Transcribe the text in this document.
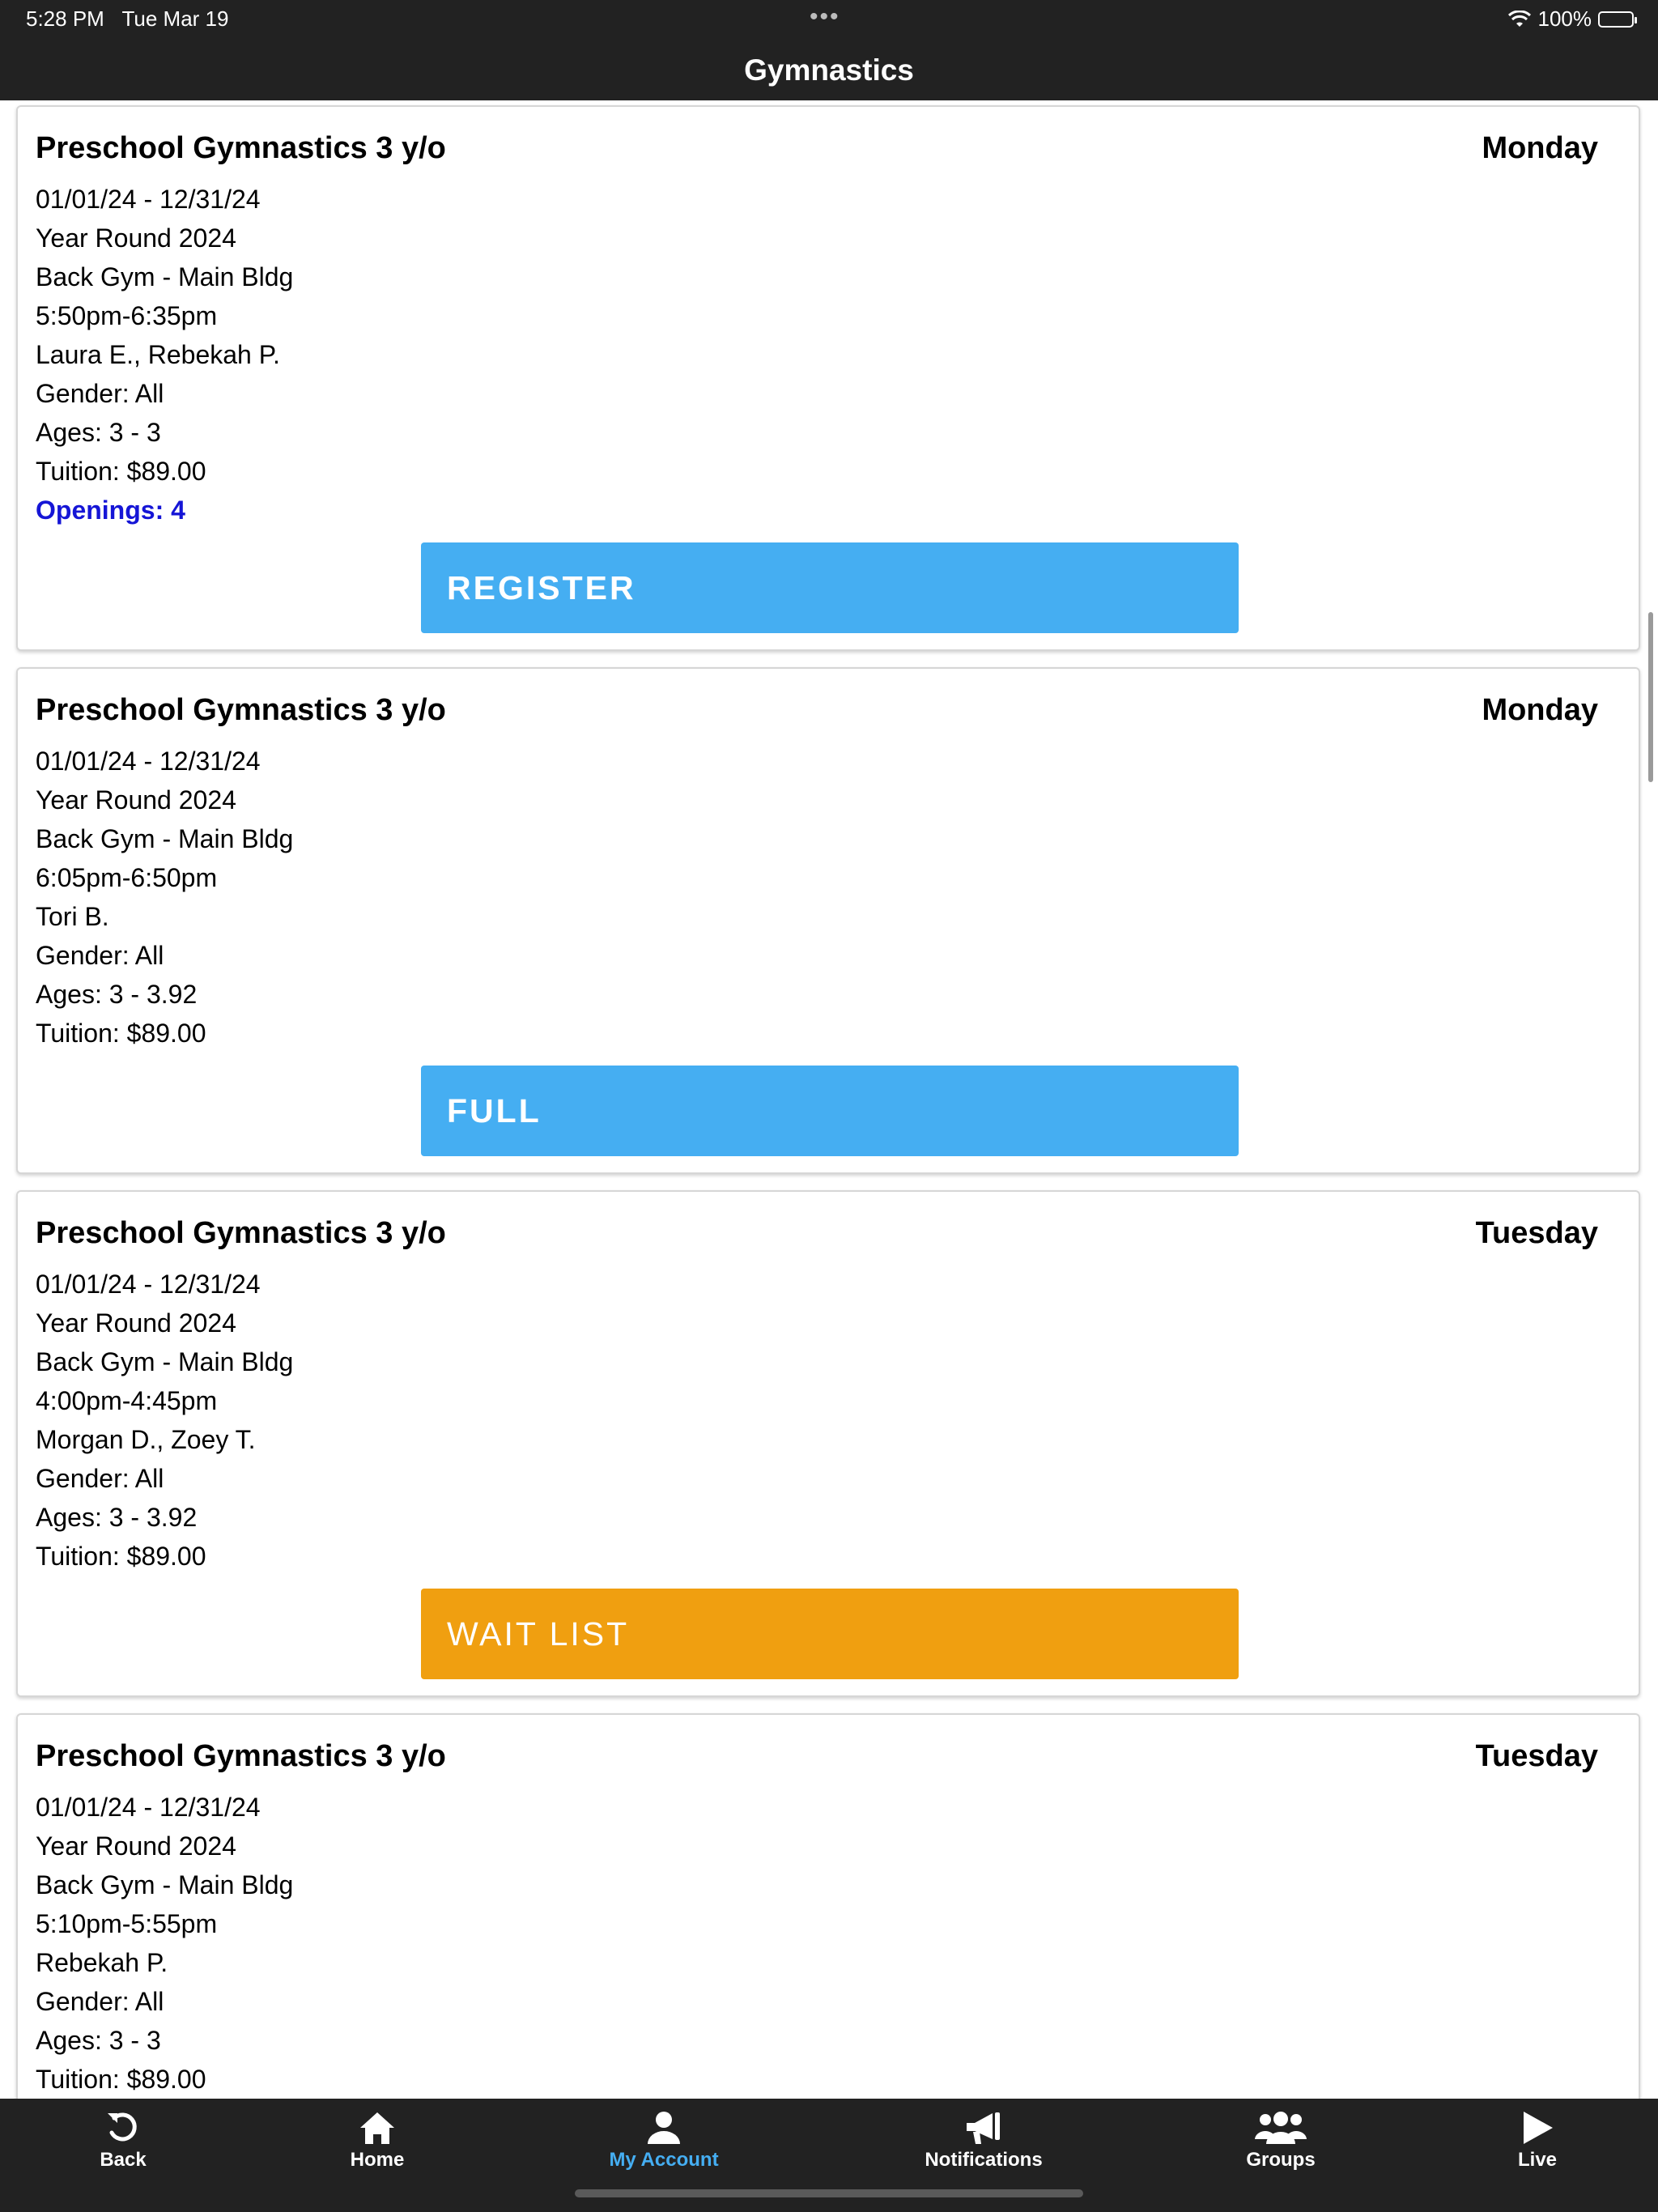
5:28 PM Tue Mar 19	•••	100%
Gymnastics
Preschool Gymnastics 3 y/o	Monday
01/01/24 - 12/31/24
Year Round 2024
Back Gym - Main Bldg
5:50pm-6:35pm
Laura E., Rebekah P.
Gender: All
Ages: 3 - 3
Tuition: $89.00
Openings: 4
REGISTER
Preschool Gymnastics 3 y/o	Monday
01/01/24 - 12/31/24
Year Round 2024
Back Gym - Main Bldg
6:05pm-6:50pm
Tori B.
Gender: All
Ages: 3 - 3.92
Tuition: $89.00
FULL
Preschool Gymnastics 3 y/o	Tuesday
01/01/24 - 12/31/24
Year Round 2024
Back Gym - Main Bldg
4:00pm-4:45pm
Morgan D., Zoey T.
Gender: All
Ages: 3 - 3.92
Tuition: $89.00
WAIT LIST
Preschool Gymnastics 3 y/o	Tuesday
01/01/24 - 12/31/24
Year Round 2024
Back Gym - Main Bldg
5:10pm-5:55pm
Rebekah P.
Gender: All
Ages: 3 - 3
Tuition: $89.00
Back	Home	My Account	Notifications	Groups	Live
